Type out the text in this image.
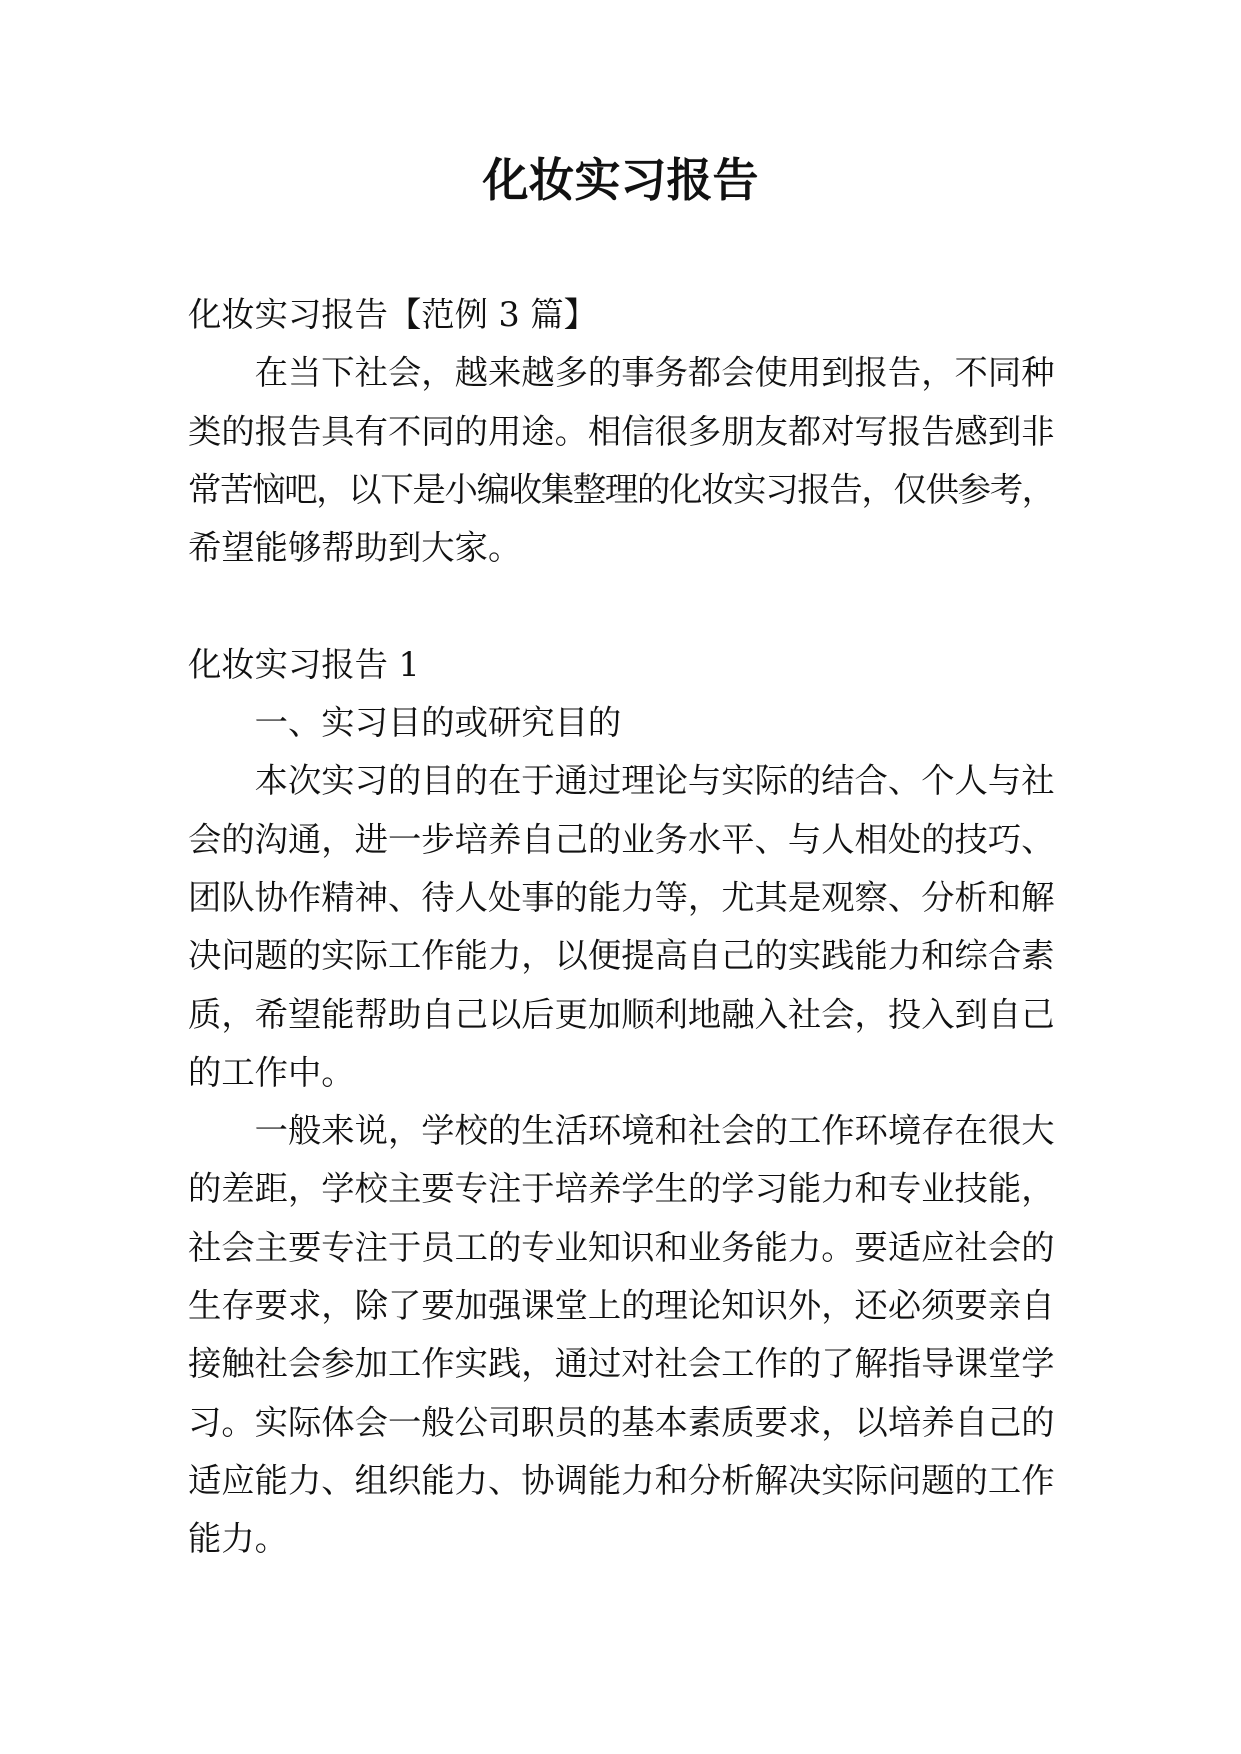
化妆实习报告
化妆实习报告【范例 3 篇】
在当下社会，越来越多的事务都会使用到报告，不同种
类的报告具有不同的用途。相信很多朋友都对写报告感到非
常苦恼吧，以下是小编收集整理的化妆实习报告，仅供参考，
希望能够帮助到大家。
化妆实习报告 1
一、实习目的或研究目的
本次实习的目的在于通过理论与实际的结合、个人与社
会的沟通，进一步培养自己的业务水平、与人相处的技巧、
团队协作精神、待人处事的能力等，尤其是观察、分析和解
决问题的实际工作能力，以便提高自己的实践能力和综合素
质，希望能帮助自己以后更加顺利地融入社会，投入到自己
的工作中。
一般来说，学校的生活环境和社会的工作环境存在很大
的差距，学校主要专注于培养学生的学习能力和专业技能，
社会主要专注于员工的专业知识和业务能力。要适应社会的
生存要求，除了要加强课堂上的理论知识外，还必须要亲自
接触社会参加工作实践，通过对社会工作的了解指导课堂学
习。实际体会一般公司职员的基本素质要求，以培养自己的
适应能力、组织能力、协调能力和分析解决实际问题的工作
能力。
